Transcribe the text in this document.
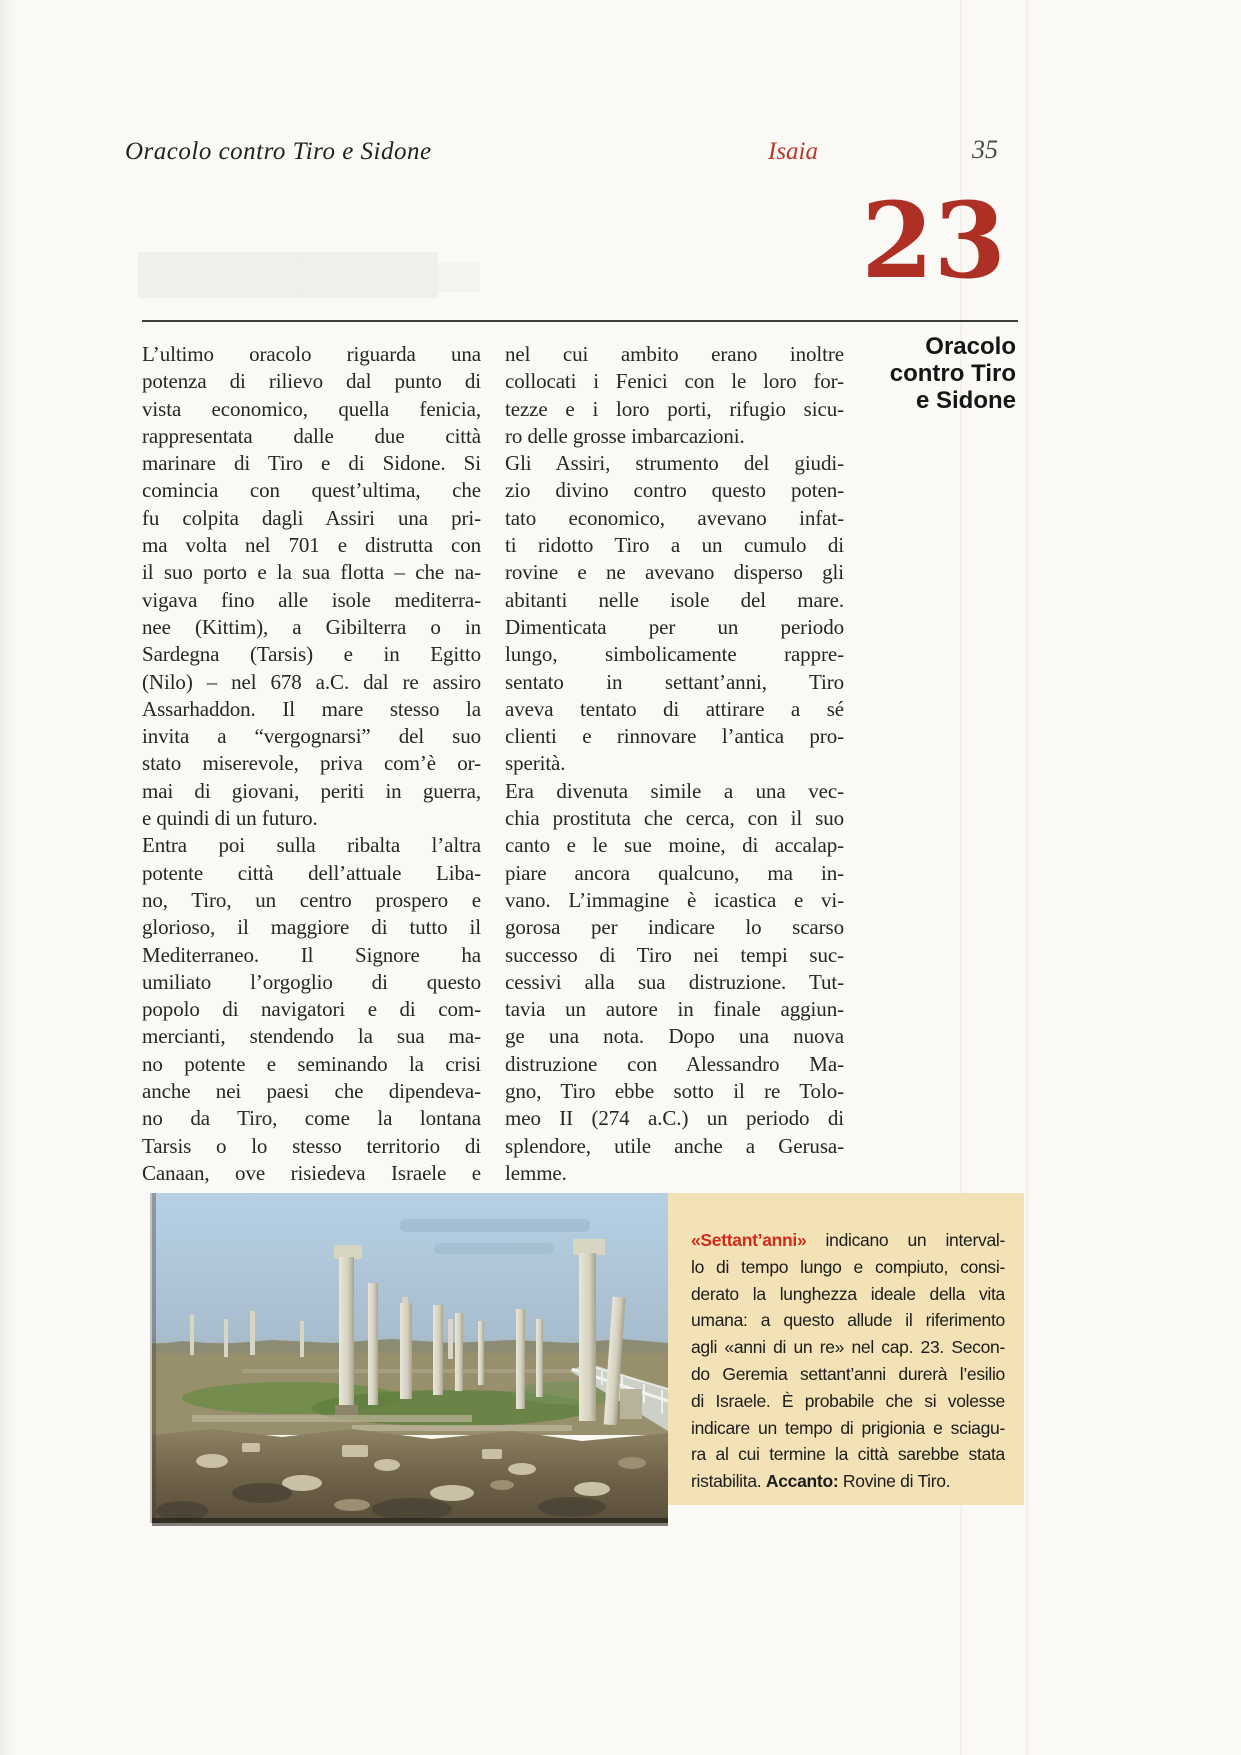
Oracolo contro Tiro e Sidone	Isaia	35
23
Oracolo
contro Tiro
e Sidone
L’ultimo oracolo riguarda una
potenza di rilievo dal punto di
vista economico, quella fenicia,
rappresentata dalle due città
marinare di Tiro e di Sidone. Si
comincia con quest’ultima, che
fu colpita dagli Assiri una pri-
ma volta nel 701 e distrutta con
il suo porto e la sua flotta – che na-
vigava fino alle isole mediterra-
nee (Kittim), a Gibilterra o in
Sardegna (Tarsis) e in Egitto
(Nilo) – nel 678 a.C. dal re assiro
Assarhaddon. Il mare stesso la
invita a “vergognarsi” del suo
stato miserevole, priva com’è or-
mai di giovani, periti in guerra,
e quindi di un futuro.
Entra poi sulla ribalta l’altra
potente città dell’attuale Liba-
no, Tiro, un centro prospero e
glorioso, il maggiore di tutto il
Mediterraneo. Il Signore ha
umiliato l’orgoglio di questo
popolo di navigatori e di com-
mercianti, stendendo la sua ma-
no potente e seminando la crisi
anche nei paesi che dipendeva-
no da Tiro, come la lontana
Tarsis o lo stesso territorio di
Canaan, ove risiedeva Israele e
nel cui ambito erano inoltre
collocati i Fenici con le loro for-
tezze e i loro porti, rifugio sicu-
ro delle grosse imbarcazioni.
Gli Assiri, strumento del giudi-
zio divino contro questo poten-
tato economico, avevano infat-
ti ridotto Tiro a un cumulo di
rovine e ne avevano disperso gli
abitanti nelle isole del mare.
Dimenticata per un periodo
lungo, simbolicamente rappre-
sentato in settant’anni, Tiro
aveva tentato di attirare a sé
clienti e rinnovare l’antica pro-
sperità.
Era divenuta simile a una vec-
chia prostituta che cerca, con il suo
canto e le sue moine, di accalap-
piare ancora qualcuno, ma in-
vano. L’immagine è icastica e vi-
gorosa per indicare lo scarso
successo di Tiro nei tempi suc-
cessivi alla sua distruzione. Tut-
tavia un autore in finale aggiun-
ge una nota. Dopo una nuova
distruzione con Alessandro Ma-
gno, Tiro ebbe sotto il re Tolo-
meo II (274 a.C.) un periodo di
splendore, utile anche a Gerusa-
lemme.
«Settant’anni» indicano un interval-
lo di tempo lungo e compiuto, consi-
derato la lunghezza ideale della vita
umana: a questo allude il riferimento
agli «anni di un re» nel cap. 23. Secon-
do Geremia settant’anni durerà l’esilio
di Israele. È probabile che si volesse
indicare un tempo di prigionia e sciagu-
ra al cui termine la città sarebbe stata
ristabilita. Accanto: Rovine di Tiro.
